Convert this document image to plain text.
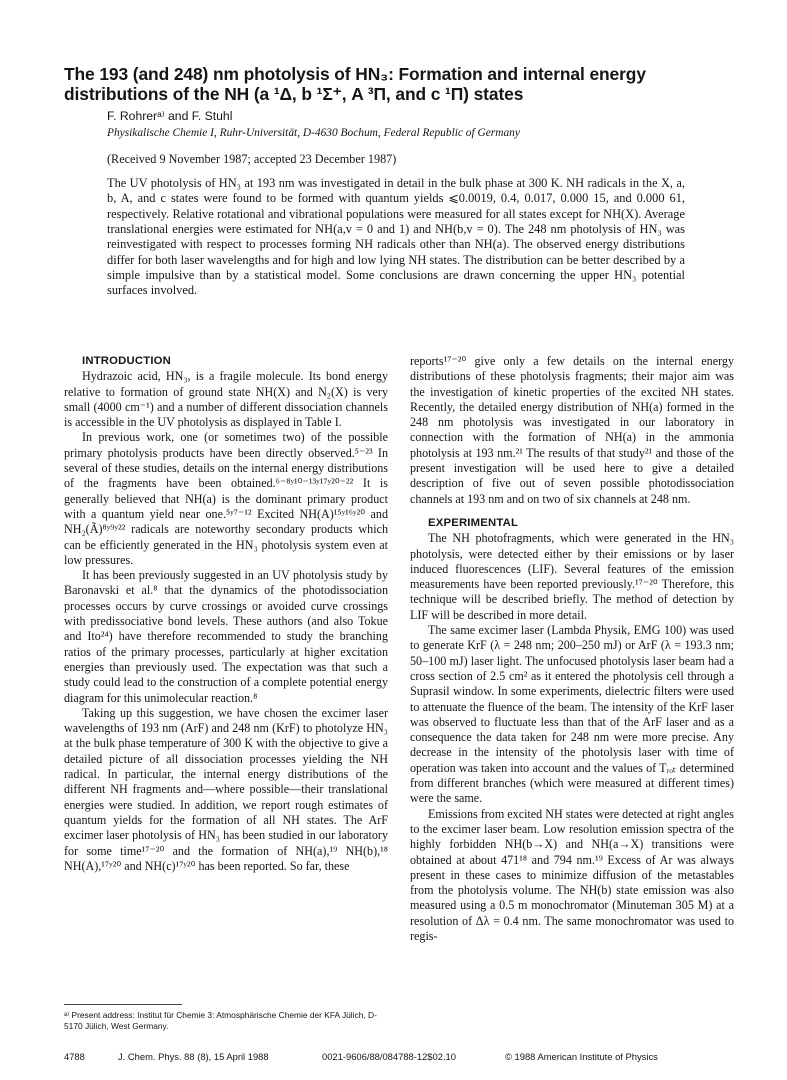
The 193 (and 248) nm photolysis of HN₃: Formation and internal energy distributions of the NH (a ¹Δ, b ¹Σ⁺, A ³Π, and c ¹Π) states
F. Rohrerᵃ⁾ and F. Stuhl
Physikalische Chemie I, Ruhr-Universität, D-4630 Bochum, Federal Republic of Germany
(Received 9 November 1987; accepted 23 December 1987)

The UV photolysis of HN₃ at 193 nm was investigated in detail in the bulk phase at 300 K. NH radicals in the X, a, b, A, and c states were found to be formed with quantum yields ⩽0.0019, 0.4, 0.017, 0.000 15, and 0.000 61, respectively. Relative rotational and vibrational populations were measured for all states except for NH(X). Average translational energies were estimated for NH(a,v = 0 and 1) and NH(b,v = 0). The 248 nm photolysis of HN₃ was reinvestigated with respect to processes forming NH radicals other than NH(a). The observed energy distributions differ for both laser wavelengths and for high and low lying NH states. The distribution can be better described by a simple impulsive than by a statistical model. Some conclusions are drawn concerning the upper HN₃ potential surfaces involved.

INTRODUCTION

Hydrazoic acid, HN₃, is a fragile molecule. Its bond energy relative to formation of ground state NH(X) and N₂(X) is very small (4000 cm⁻¹) and a number of different dissociation channels is accessible in the UV photolysis as displayed in Table I.

In previous work, one (or sometimes two) of the possible primary photolysis products have been directly observed.⁵⁻²³ In several of these studies, details on the internal energy distributions of the fragments have been obtained.⁶⁻⁸ʸ¹⁰⁻¹³ʸ¹⁷ʸ²⁰⁻²² It is generally believed that NH(a) is the dominant primary product with a quantum yield near one.⁵ʸ⁷⁻¹² Excited NH(A)¹⁵ʸ¹⁶ʸ²⁰ and NH₂(Ã)⁸ʸ⁹ʸ²² radicals are noteworthy secondary products which can be efficiently generated in the HN₃ photolysis system even at low pressures.

It has been previously suggested in an UV photolysis study by Baronavski et al.⁸ that the dynamics of the photodissociation processes occurs by curve crossings or avoided curve crossings with predissociative bond levels. These authors (and also Tokue and Ito²⁴) have therefore recommended to study the branching ratios of the primary processes, particularly at higher excitation energies than previously used. The expectation was that such a study could lead to the construction of a complete potential energy diagram for this unimolecular reaction.⁸

Taking up this suggestion, we have chosen the excimer laser wavelengths of 193 nm (ArF) and 248 nm (KrF) to photolyze HN₃ at the bulk phase temperature of 300 K with the objective to give a detailed picture of all dissociation processes yielding the NH radical. In particular, the internal energy distributions of the different NH fragments and—where possible—their translational energies were studied. In addition, we report rough estimates of quantum yields for the formation of all NH states. The ArF excimer laser photolysis of HN₃ has been studied in our laboratory for some time¹⁷⁻²⁰ and the formation of NH(a),¹⁹ NH(b),¹⁸ NH(A),¹⁷ʸ²⁰ and NH(c)¹⁷ʸ²⁰ has been reported. So far, these

reports¹⁷⁻²⁰ give only a few details on the internal energy distributions of these photolysis fragments; their major aim was the investigation of kinetic properties of the excited NH states. Recently, the detailed energy distribution of NH(a) formed in the 248 nm photolysis was investigated in our laboratory in connection with the formation of NH(a) in the ammonia photolysis at 193 nm.²¹ The results of that study²¹ and those of the present investigation will be used here to give a detailed description of five out of seven possible photodissociation channels at 193 nm and on two of six channels at 248 nm.

EXPERIMENTAL

The NH photofragments, which were generated in the HN₃ photolysis, were detected either by their emissions or by laser induced fluorescences (LIF). Several features of the emission measurements have been reported previously.¹⁷⁻²⁰ Therefore, this technique will be described briefly. The method of detection by LIF will be described in more detail.

The same excimer laser (Lambda Physik, EMG 100) was used to generate KrF (λ = 248 nm; 200–250 mJ) or ArF (λ = 193.3 nm; 50–100 mJ) laser light. The unfocused photolysis laser beam had a cross section of 2.5 cm² as it entered the photolysis cell through a Suprasil window. In some experiments, dielectric filters were used to attenuate the fluence of the beam. The intensity of the KrF laser was observed to fluctuate less than that of the ArF laser and as a consequence the data taken for 248 nm were more precise. Any decrease in the intensity of the photolysis laser with time of operation was taken into account and the values of Tᵣₒₜ determined from different branches (which were measured at different times) were the same.

Emissions from excited NH states were detected at right angles to the excimer laser beam. Low resolution emission spectra of the highly forbidden NH(b→X) and NH(a→X) transitions were obtained at about 471¹⁸ and 794 nm.¹⁹ Excess of Ar was always present in these cases to minimize diffusion of the metastables from the photolysis volume. The NH(b) state emission was also measured using a 0.5 m monochromator (Minuteman 305 M) at a resolution of Δλ = 0.4 nm. The same monochromator was used to regis-

ᵃ⁾ Present address: Institut für Chemie 3: Atmosphärische Chemie der KFA Jülich, D-5170 Jülich, West Germany.
4788	J. Chem. Phys. 88 (8), 15 April 1988	0021-9606/88/084788-12$02.10	© 1988 American Institute of Physics
